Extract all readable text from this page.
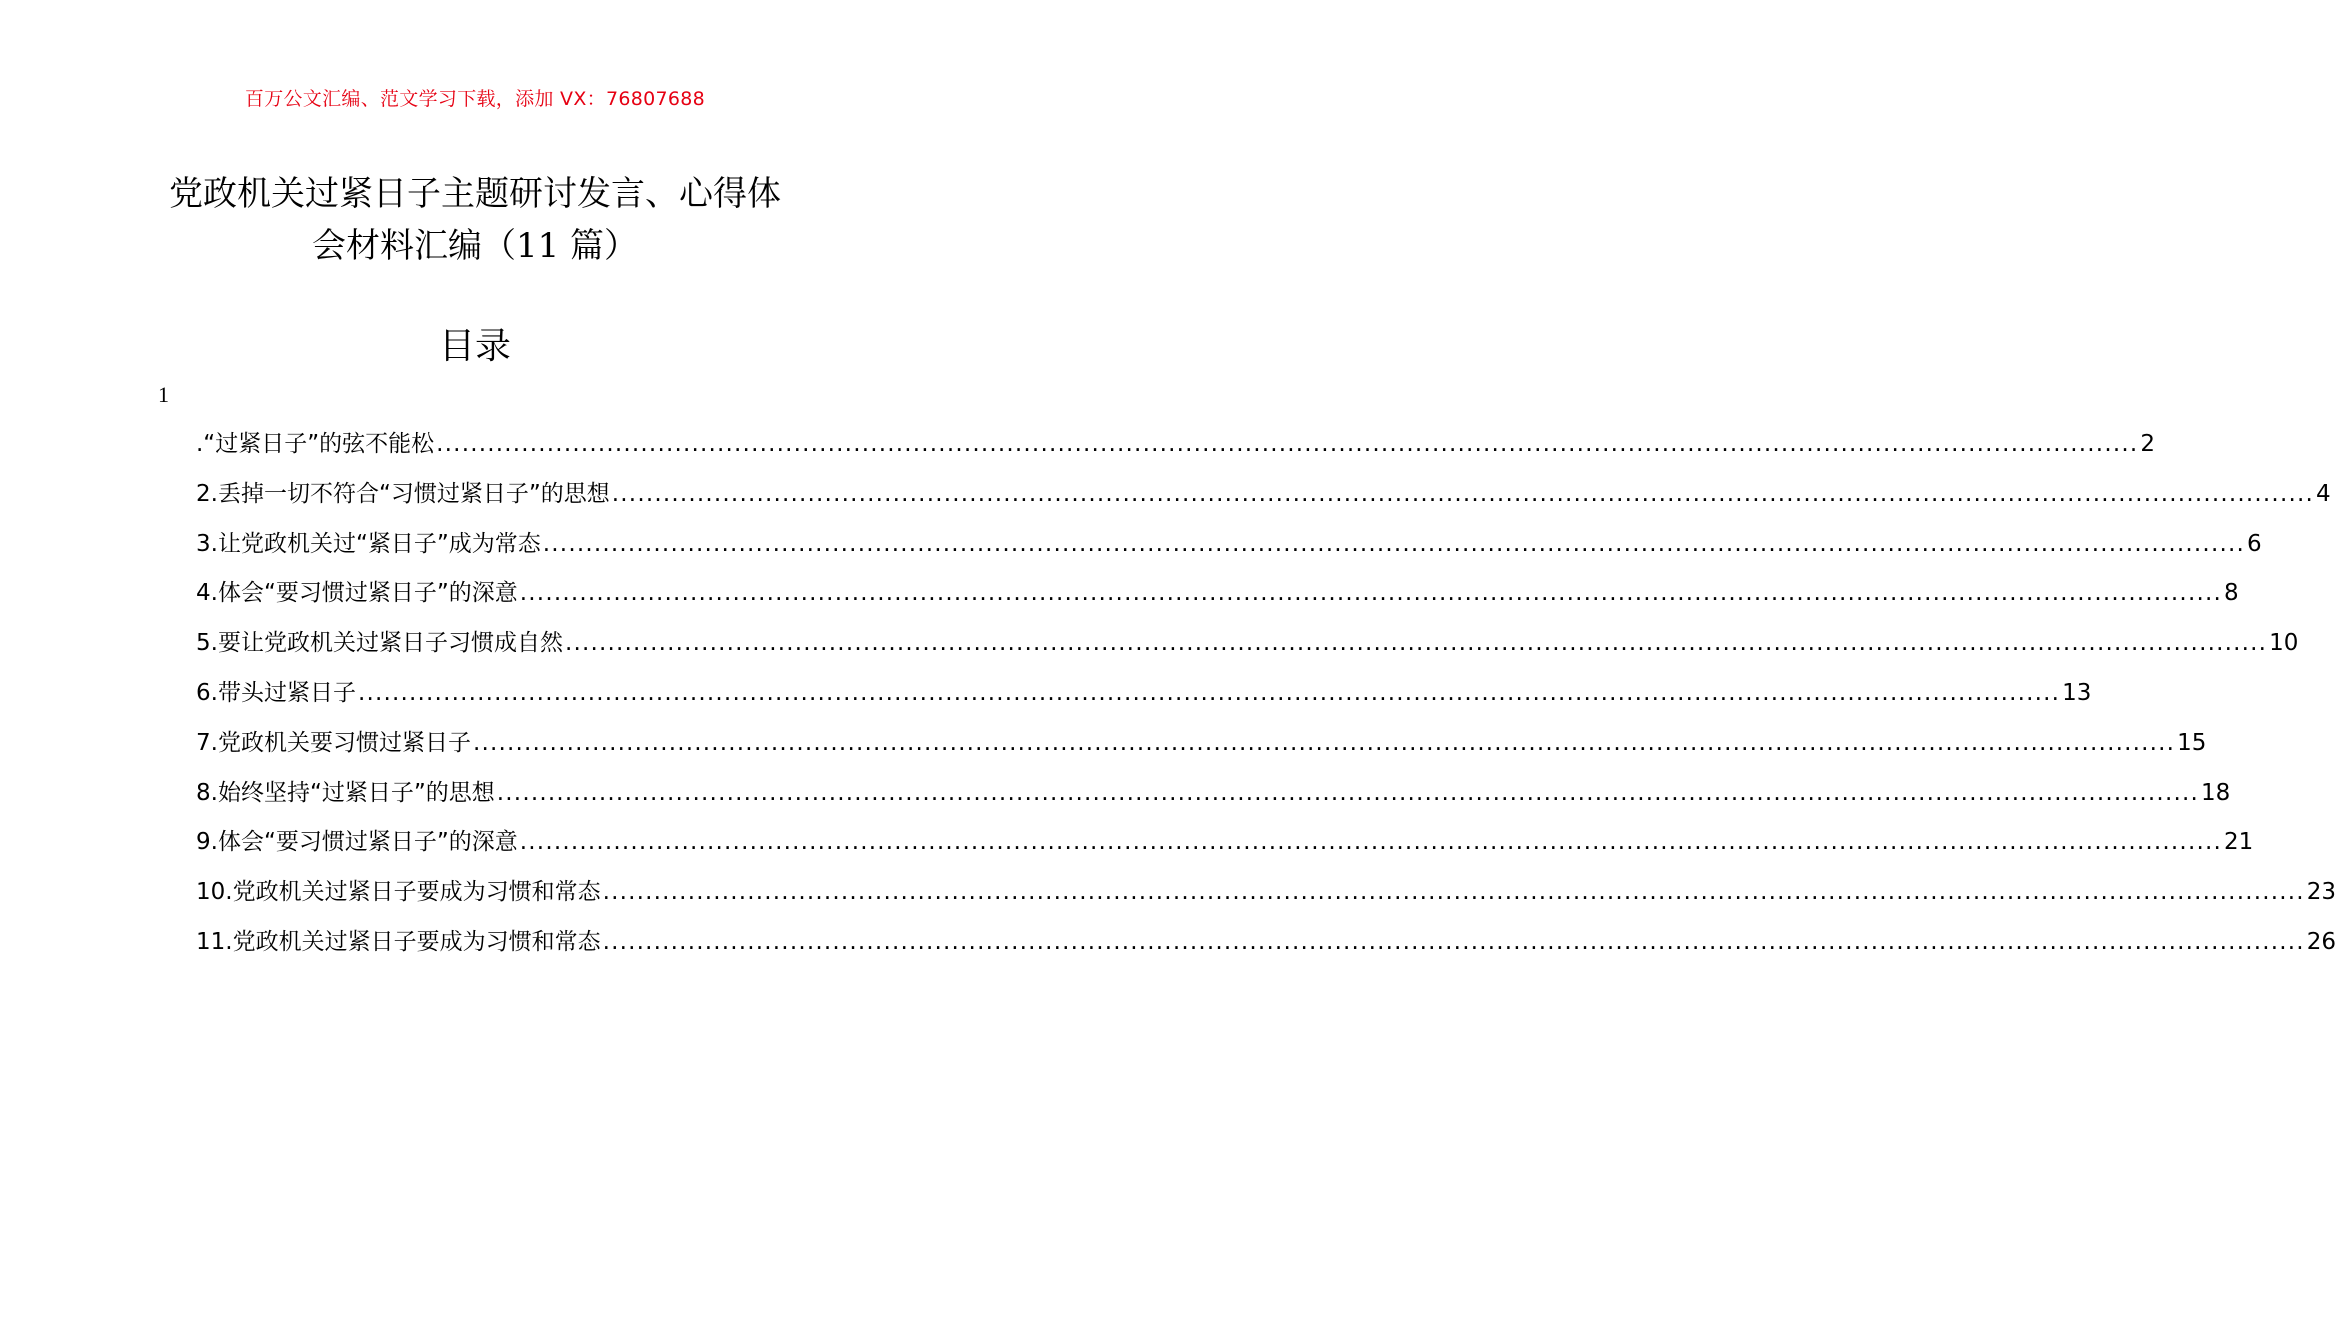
百万公文汇编、范文学习下载，添加 VX：76807688
党政机关过紧日子主题研讨发言、心得体
会材料汇编（11 篇）
目录
1
.“过紧日子”的弦不能松 ........................................................................................................................................................................................................ 2
2.丢掉一切不符合“习惯过紧日子”的思想 ........................................................................................................................................................................................................ 4
3.让党政机关过“紧日子”成为常态 ........................................................................................................................................................................................................ 6
4.体会“要习惯过紧日子”的深意 ........................................................................................................................................................................................................ 8
5.要让党政机关过紧日子习惯成自然 ........................................................................................................................................................................................................ 10
6.带头过紧日子 ........................................................................................................................................................................................................ 13
7.党政机关要习惯过紧日子 ........................................................................................................................................................................................................ 15
8.始终坚持“过紧日子”的思想 ........................................................................................................................................................................................................ 18
9.体会“要习惯过紧日子”的深意 ........................................................................................................................................................................................................ 21
10.党政机关过紧日子要成为习惯和常态 ........................................................................................................................................................................................................ 23
11.党政机关过紧日子要成为习惯和常态 ........................................................................................................................................................................................................ 26
